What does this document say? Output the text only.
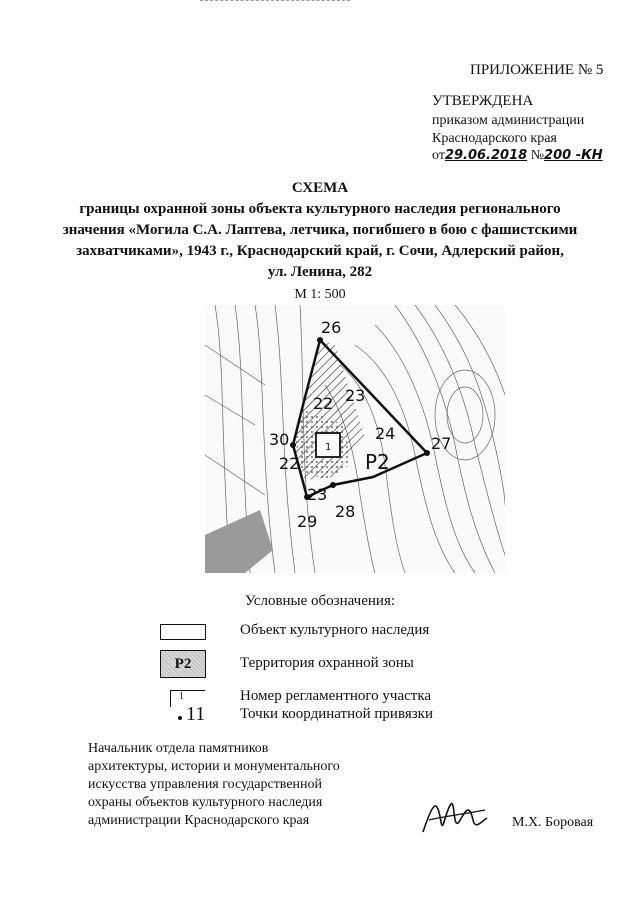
ПРИЛОЖЕНИЕ № 5
УТВЕРЖДЕНА
приказом администрации
Краснодарского края
от29.06.2018 №200 -КН
СХЕМА
границы охранной зоны объекта культурного наследия регионального
значения «Могила С.А. Лаптева, летчика, погибшего в бою с фашистскими
захватчиками», 1943 г., Краснодарский край, г. Сочи, Адлерский район,
ул. Ленина, 282
М 1: 500
26
27
28
29
30
22 23
24
22
23
Р2
1
Условные обозначения:
Объект культурного наследия
Р2	Территория охранной зоны
1	Номер регламентного участка
11 Точки координатной привязки
Начальник отдела памятников
архитектуры, истории и монументального
искусства управления государственной
охраны объектов культурного наследия
администрации Краснодарского края	М.Х. Боровая
